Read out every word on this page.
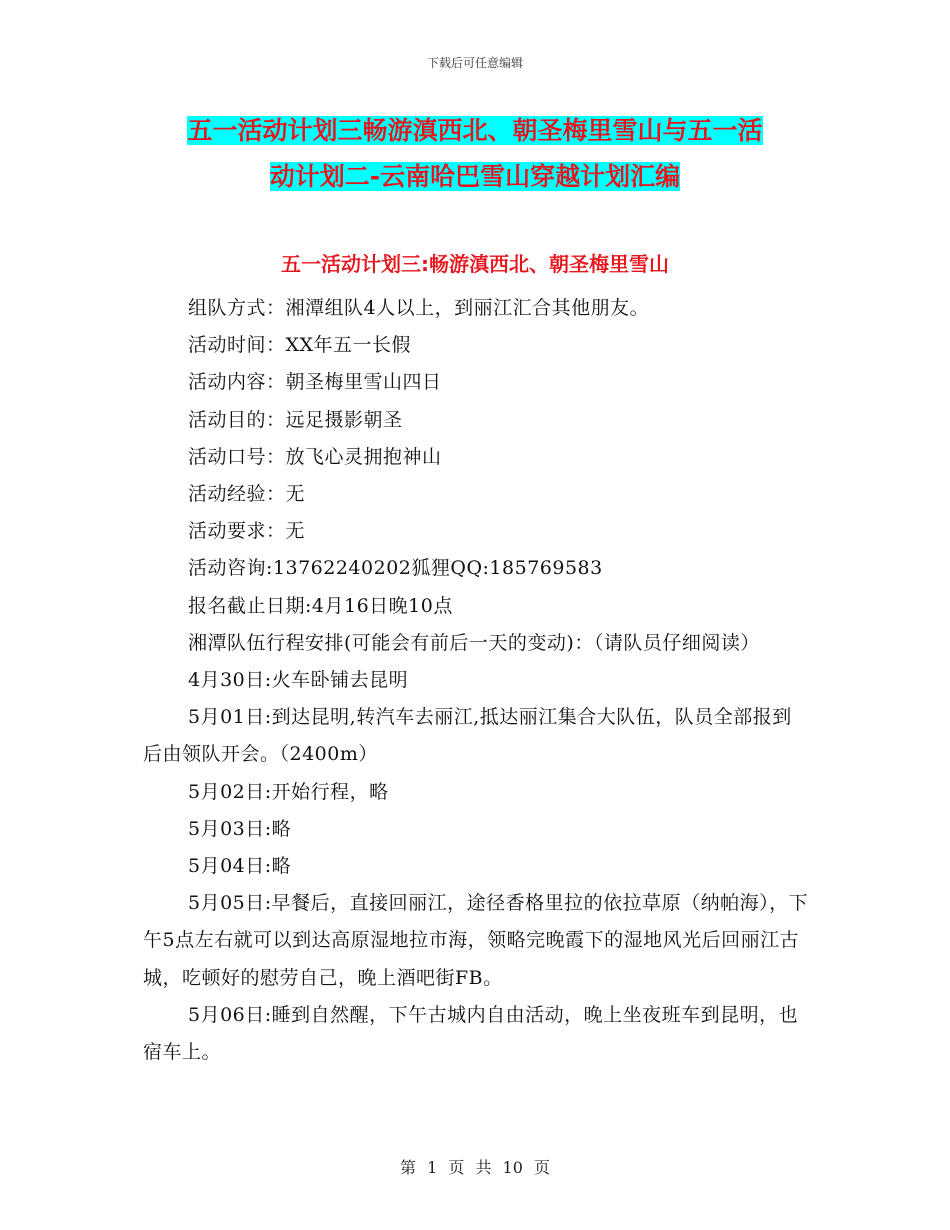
下载后可任意编辑
五一活动计划三畅游滇西北、朝圣梅里雪山与五一活
动计划二-云南哈巴雪山穿越计划汇编
五一活动计划三:畅游滇西北、朝圣梅里雪山

组队方式：湘潭组队4人以上，到丽江汇合其他朋友。

活动时间：XX年五一长假

活动内容：朝圣梅里雪山四日

活动目的：远足摄影朝圣

活动口号：放飞心灵拥抱神山

活动经验：无

活动要求：无

活动咨询:13762240202狐狸QQ:185769583

报名截止日期:4月16日晚10点

湘潭队伍行程安排(可能会有前后一天的变动)：（请队员仔细阅读）

4月30日:火车卧铺去昆明

5月01日:到达昆明,转汽车去丽江,抵达丽江集合大队伍，队员全部报到后由领队开会。（2400m）

5月02日:开始行程，略

5月03日:略

5月04日:略

5月05日:早餐后，直接回丽江，途径香格里拉的依拉草原（纳帕海），下午5点左右就可以到达高原湿地拉市海，领略完晚霞下的湿地风光后回丽江古城，吃顿好的慰劳自己，晚上酒吧街FB。

5月06日:睡到自然醒，下午古城内自由活动，晚上坐夜班车到昆明，也宿车上。

第 1 页 共 10 页
